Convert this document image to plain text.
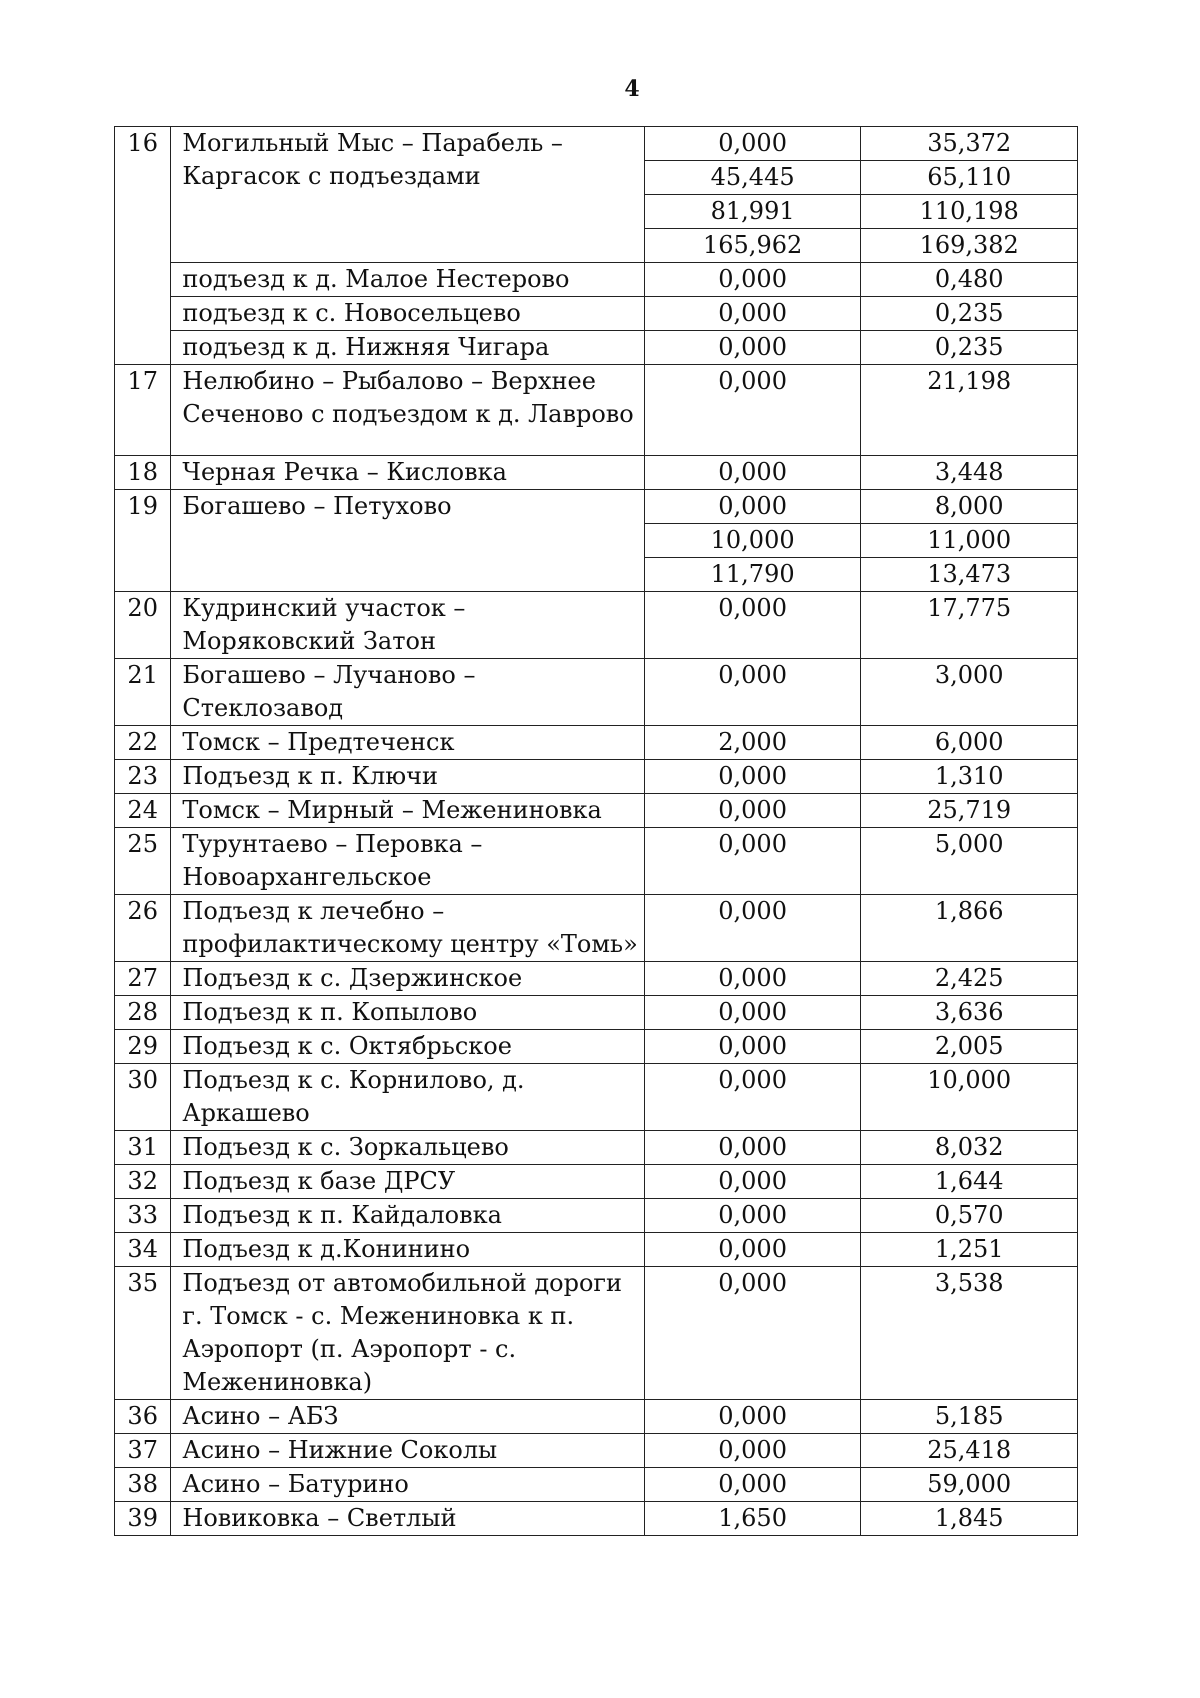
4
16	Могильный Мыс – Парабель – Каргасок с подъездами	0,000	35,372
		45,445	65,110
		81,991	110,198
		165,962	169,382
	подъезд к д. Малое Нестерово	0,000	0,480
	подъезд к с. Новосельцево	0,000	0,235
	подъезд к д. Нижняя Чигара	0,000	0,235
17	Нелюбино – Рыбалово – Верхнее Сеченово с подъездом к д. Лаврово	0,000	21,198
18	Черная Речка – Кисловка	0,000	3,448
19	Богашево – Петухово	0,000	8,000
		10,000	11,000
		11,790	13,473
20	Кудринский участок – Моряковский Затон	0,000	17,775
21	Богашево – Лучаново – Стеклозавод	0,000	3,000
22	Томск – Предтеченск	2,000	6,000
23	Подъезд к п. Ключи	0,000	1,310
24	Томск – Мирный – Межениновка	0,000	25,719
25	Турунтаево – Перовка – Новоархангельское	0,000	5,000
26	Подъезд к лечебно – профилактическому центру «Томь»	0,000	1,866
27	Подъезд к с. Дзержинское	0,000	2,425
28	Подъезд к п. Копылово	0,000	3,636
29	Подъезд к с. Октябрьское	0,000	2,005
30	Подъезд к с. Корнилово, д. Аркашево	0,000	10,000
31	Подъезд к с. Зоркальцево	0,000	8,032
32	Подъезд к базе ДРСУ	0,000	1,644
33	Подъезд к п. Кайдаловка	0,000	0,570
34	Подъезд к д.Конинино	0,000	1,251
35	Подъезд от автомобильной дороги г. Томск - с. Межениновка к п. Аэропорт (п. Аэропорт - с. Межениновка)	0,000	3,538
36	Асино – АБЗ	0,000	5,185
37	Асино – Нижние Соколы	0,000	25,418
38	Асино – Батурино	0,000	59,000
39	Новиковка – Светлый	1,650	1,845
